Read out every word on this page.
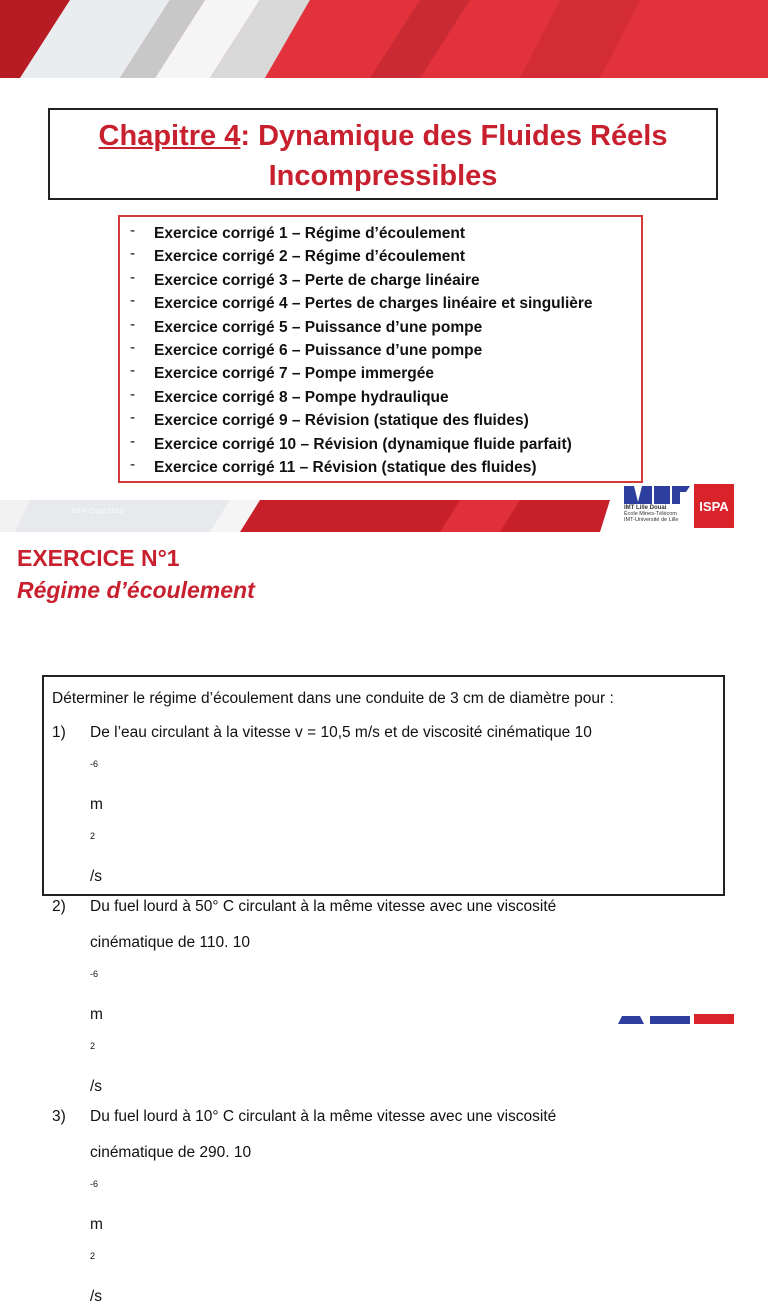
Chapitre 4: Dynamique des Fluides Réels
Incompressibles
- Exercice corrigé 1 – Régime d’écoulement
- Exercice corrigé 2 – Régime d’écoulement
- Exercice corrigé 3 – Perte de charge linéaire
- Exercice corrigé 4 – Pertes de charges linéaire et singulière
- Exercice corrigé 5 – Puissance d’une pompe
- Exercice corrigé 6 – Puissance d’une pompe
- Exercice corrigé 7 – Pompe immergée
- Exercice corrigé 8 – Pompe hydraulique
- Exercice corrigé 9 – Révision (statique des fluides)
- Exercice corrigé 10 – Révision (dynamique fluide parfait)
- Exercice corrigé 11 – Révision (statique des fluides)
ISPA Crlap 2019	IMT Lille Douai
École Mines-Télécom
IMT-Université de Lille
ISPA
EXERCICE N°1
Régime d’écoulement
Déterminer le régime d’écoulement dans une conduite de 3 cm de diamètre pour :
1)	De l’eau circulant à la vitesse v = 10,5 m/s et de viscosité cinématique 10
$^{-6}$
m
$^2$
/s
2)	Du fuel lourd à 50° C circulant à la même vitesse avec une viscosité
cinématique de 110. 10
$^{-6}$
m
$^2$
/s
3)	Du fuel lourd à 10° C circulant à la même vitesse avec une viscosité
cinématique de 290. 10
$^{-6}$
m
$^2$
/s
